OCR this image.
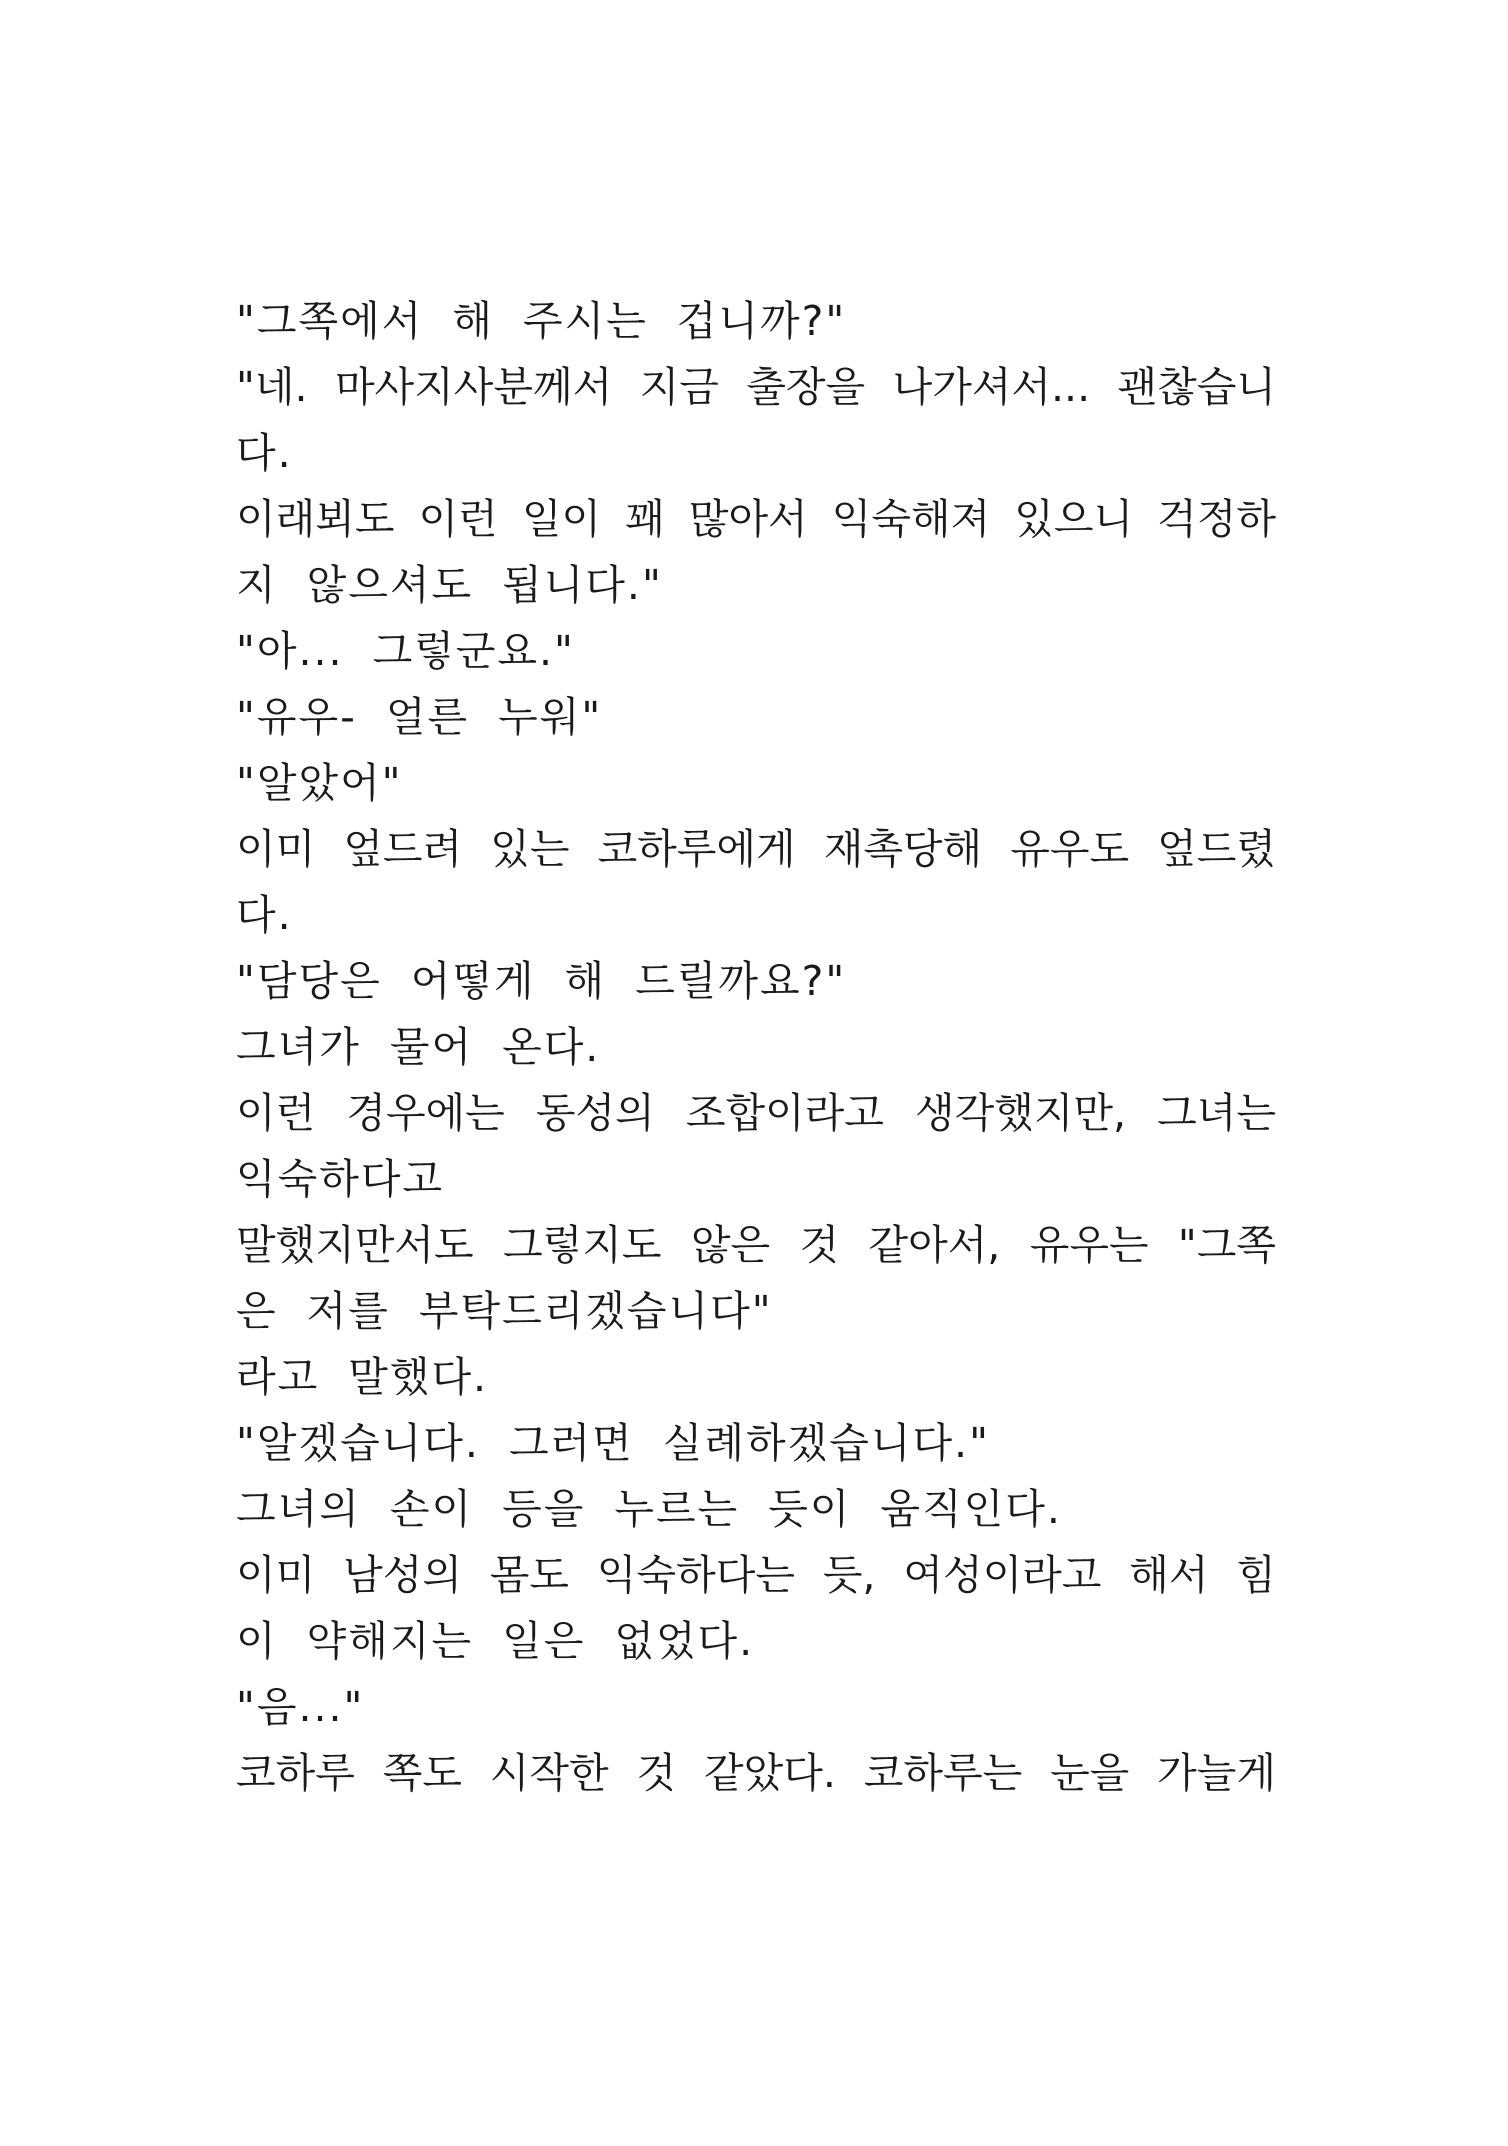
"그쪽에서 해 주시는 겁니까?"
"네. 마사지사분께서 지금 출장을 나가셔서... 괜찮습니
다.
이래뵈도 이런 일이 꽤 많아서 익숙해져 있으니 걱정하
지 않으셔도 됩니다."
"아... 그렇군요."
"유우- 얼른 누워"
"알았어"
이미 엎드려 있는 코하루에게 재촉당해 유우도 엎드렸
다.
"담당은 어떻게 해 드릴까요?"
그녀가 물어 온다.
이런 경우에는 동성의 조합이라고 생각했지만, 그녀는
익숙하다고
말했지만서도 그렇지도 않은 것 같아서, 유우는 "그쪽
은 저를 부탁드리겠습니다"
라고 말했다.
"알겠습니다. 그러면 실례하겠습니다."
그녀의 손이 등을 누르는 듯이 움직인다.
이미 남성의 몸도 익숙하다는 듯, 여성이라고 해서 힘
이 약해지는 일은 없었다.
"음..."
코하루 쪽도 시작한 것 같았다. 코하루는 눈을 가늘게
